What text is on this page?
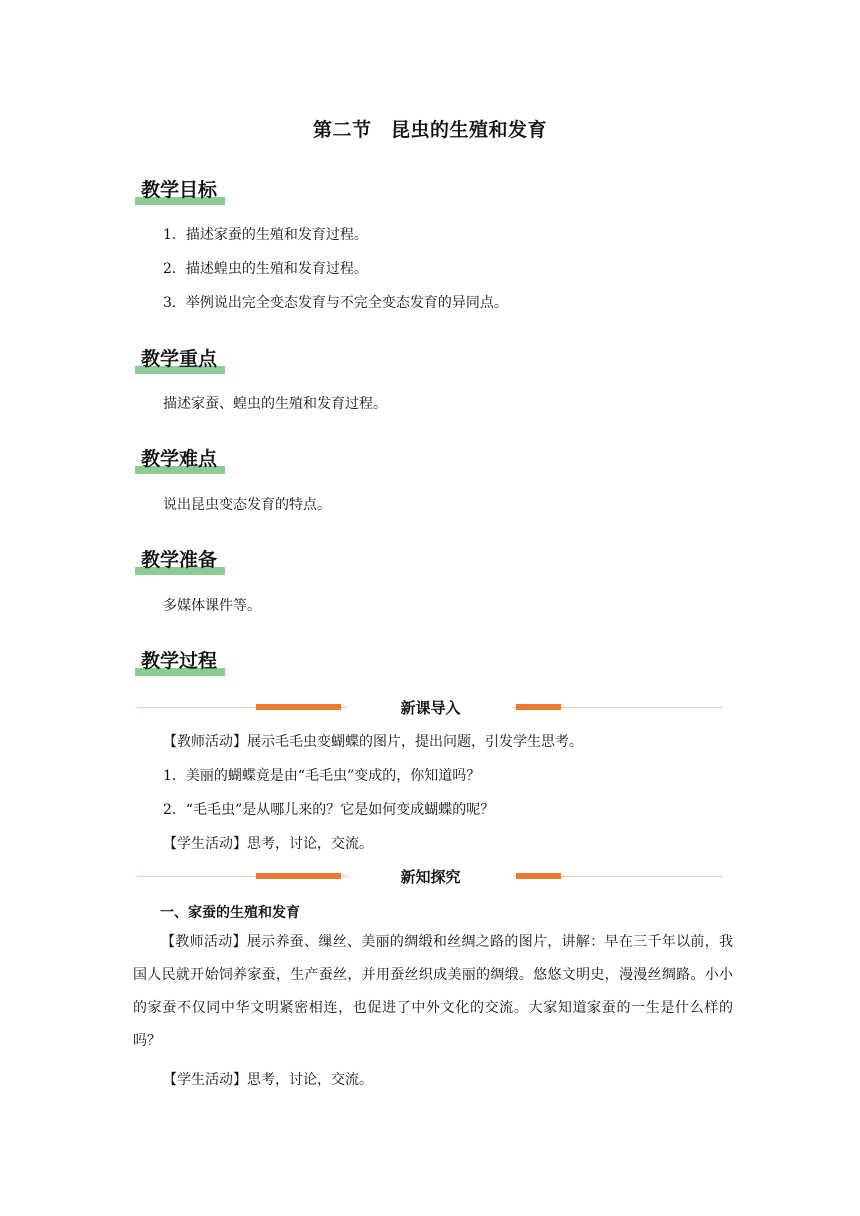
第二节　昆虫的生殖和发育
教学目标
1．描述家蚕的生殖和发育过程。
2．描述蝗虫的生殖和发育过程。
3．举例说出完全变态发育与不完全变态发育的异同点。
教学重点
描述家蚕、蝗虫的生殖和发育过程。
教学难点
说出昆虫变态发育的特点。
教学准备
多媒体课件等。
教学过程
新课导入
【教师活动】展示毛毛虫变蝴蝶的图片，提出问题，引发学生思考。
1．美丽的蝴蝶竟是由“毛毛虫”变成的，你知道吗？
2．“毛毛虫”是从哪儿来的？它是如何变成蝴蝶的呢？
【学生活动】思考，讨论，交流。
新知探究
一、家蚕的生殖和发育
【教师活动】展示养蚕、缫丝、美丽的绸缎和丝绸之路的图片，讲解：早在三千年以前，我国人民就开始饲养家蚕，生产蚕丝，并用蚕丝织成美丽的绸缎。悠悠文明史，漫漫丝绸路。小小的家蚕不仅同中华文明紧密相连，也促进了中外文化的交流。大家知道家蚕的一生是什么样的吗？
【学生活动】思考，讨论，交流。
